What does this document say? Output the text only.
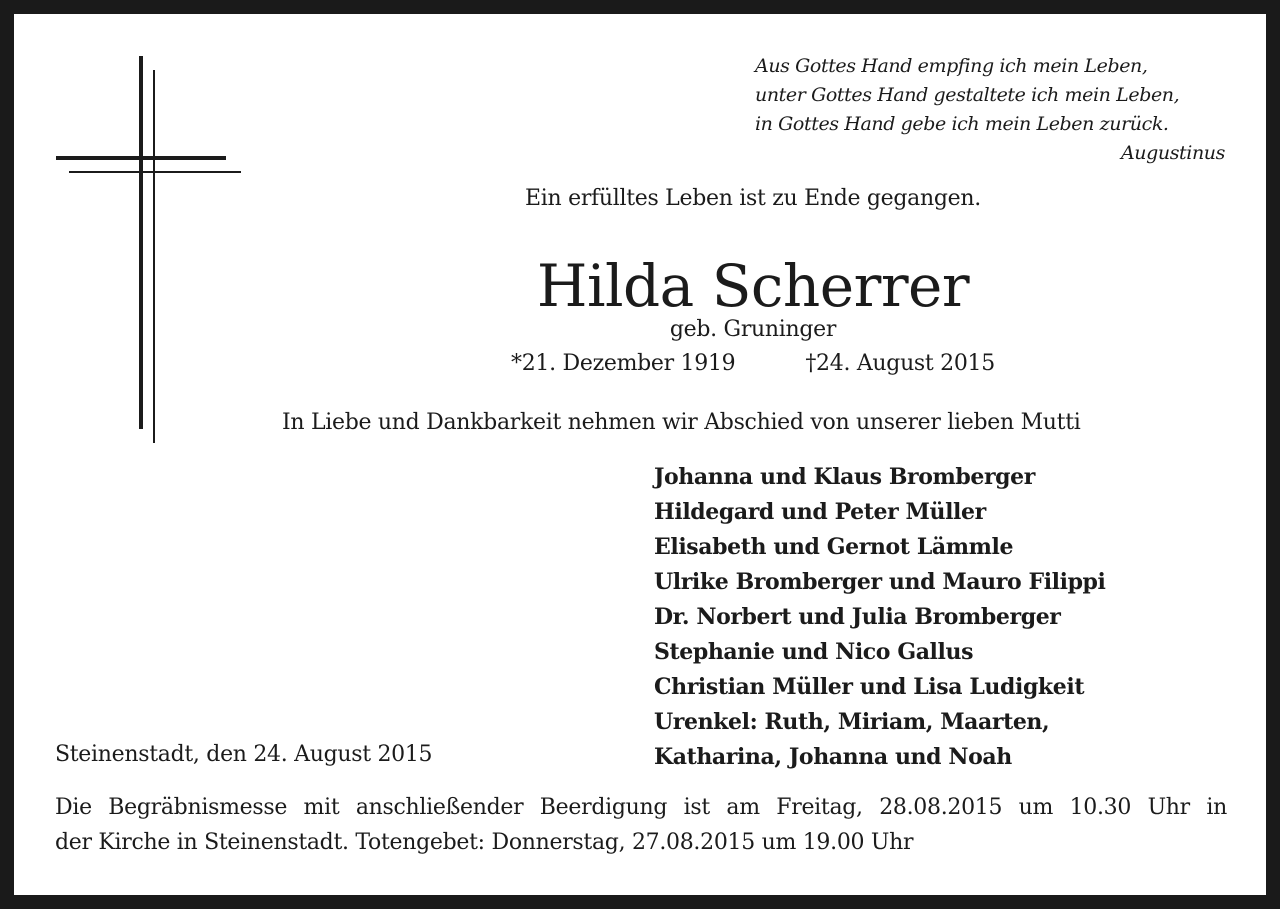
Aus Gottes Hand empfing ich mein Leben,
unter Gottes Hand gestaltete ich mein Leben,
in Gottes Hand gebe ich mein Leben zurück.
Augustinus
Ein erfülltes Leben ist zu Ende gegangen.
Hilda Scherrer
geb. Gruninger
*21. Dezember 1919	†24. August 2015
In Liebe und Dankbarkeit nehmen wir Abschied von unserer lieben Mutti
Johanna und Klaus Bromberger
Hildegard und Peter Müller
Elisabeth und Gernot Lämmle
Ulrike Bromberger und Mauro Filippi
Dr. Norbert und Julia Bromberger
Stephanie und Nico Gallus
Christian Müller und Lisa Ludigkeit
Urenkel: Ruth, Miriam, Maarten,
Katharina, Johanna und Noah
Steinenstadt, den 24. August 2015
Die Begräbnismesse mit anschließender Beerdigung ist am Freitag, 28.08.2015 um 10.30 Uhr in
der Kirche in Steinenstadt. Totengebet: Donnerstag, 27.08.2015 um 19.00 Uhr
